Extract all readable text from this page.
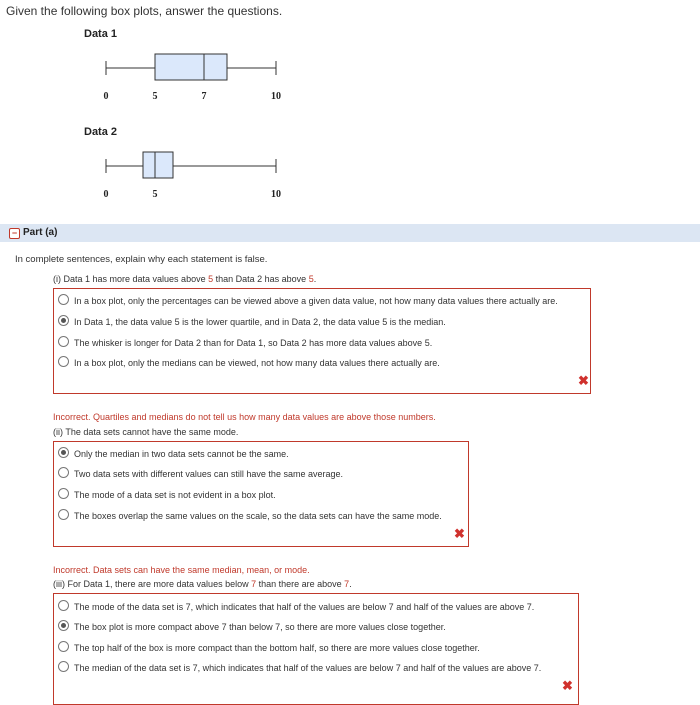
Given the following box plots, answer the questions.
Data 1
0	5	7	10
Data 2
0	5	10
− Part (a)
In complete sentences, explain why each statement is false.
(i) Data 1 has more data values above 5 than Data 2 has above 5.
In a box plot, only the percentages can be viewed above a given data value, not how many data values there actually are.
In Data 1, the data value 5 is the lower quartile, and in Data 2, the data value 5 is the median.
The whisker is longer for Data 2 than for Data 1, so Data 2 has more data values above 5.
In a box plot, only the medians can be viewed, not how many data values there actually are.
✖
Incorrect. Quartiles and medians do not tell us how many data values are above those numbers.
(ii) The data sets cannot have the same mode.
Only the median in two data sets cannot be the same.
Two data sets with different values can still have the same average.
The mode of a data set is not evident in a box plot.
The boxes overlap the same values on the scale, so the data sets can have the same mode.
✖
Incorrect. Data sets can have the same median, mean, or mode.
(iii) For Data 1, there are more data values below 7 than there are above 7.
The mode of the data set is 7, which indicates that half of the values are below 7 and half of the values are above 7.
The box plot is more compact above 7 than below 7, so there are more values close together.
The top half of the box is more compact than the bottom half, so there are more values close together.
The median of the data set is 7, which indicates that half of the values are below 7 and half of the values are above 7.
✖
